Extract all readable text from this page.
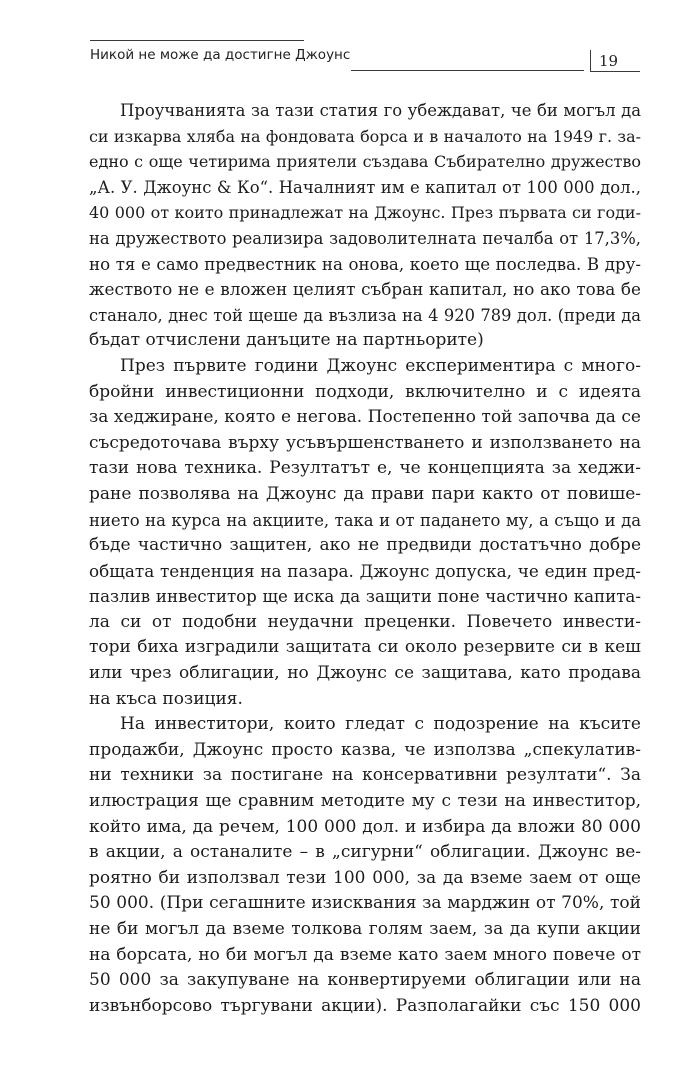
Никой не може да достигне Джоунс	19
Проучванията за тази статия го убеждават, че би могъл да
си изкарва хляба на фондовата борса и в началото на 1949 г. за-
едно с още четирима приятели създава Събирателно дружество
„А. У. Джоунс & Ко“. Началният им е капитал от 100 000 дол.,
40 000 от които принадлежат на Джоунс. През първата си годи-
на дружеството реализира задоволителната печалба от 17,3%,
но тя е само предвестник на онова, което ще последва. В дру-
жеството не е вложен целият събран капитал, но ако това бе
станало, днес той щеше да възлиза на 4 920 789 дол. (преди да
бъдат отчислени данъците на партньорите)
През първите години Джоунс експериментира с много-
бройни инвестиционни подходи, включително и с идеята
за хеджиране, която е негова. Постепенно той започва да се
съсредоточава върху усъвършенстването и използването на
тази нова техника. Резултатът е, че концепцията за хеджи-
ране позволява на Джоунс да прави пари както от повише-
нието на курса на акциите, така и от падането му, а също и да
бъде частично защитен, ако не предвиди достатъчно добре
общата тенденция на пазара. Джоунс допуска, че един пред-
пазлив инвеститор ще иска да защити поне частично капита-
ла си от подобни неудачни преценки. Повечето инвести-
тори биха изградили защитата си около резервите си в кеш
или чрез облигации, но Джоунс се защитава, като продава
на къса позиция.
На инвеститори, които гледат с подозрение на късите
продажби, Джоунс просто казва, че използва „спекулатив-
ни техники за постигане на консервативни резултати“. За
илюстрация ще сравним методите му с тези на инвеститор,
който има, да речем, 100 000 дол. и избира да вложи 80 000
в акции, а останалите – в „сигурни“ облигации. Джоунс ве-
роятно би използвал тези 100 000, за да вземе заем от още
50 000. (При сегашните изисквания за марджин от 70%, той
не би могъл да вземе толкова голям заем, за да купи акции
на борсата, но би могъл да вземе като заем много повече от
50 000 за закупуване на конвертируеми облигации или на
извънборсово търгувани акции). Разполагайки със 150 000
